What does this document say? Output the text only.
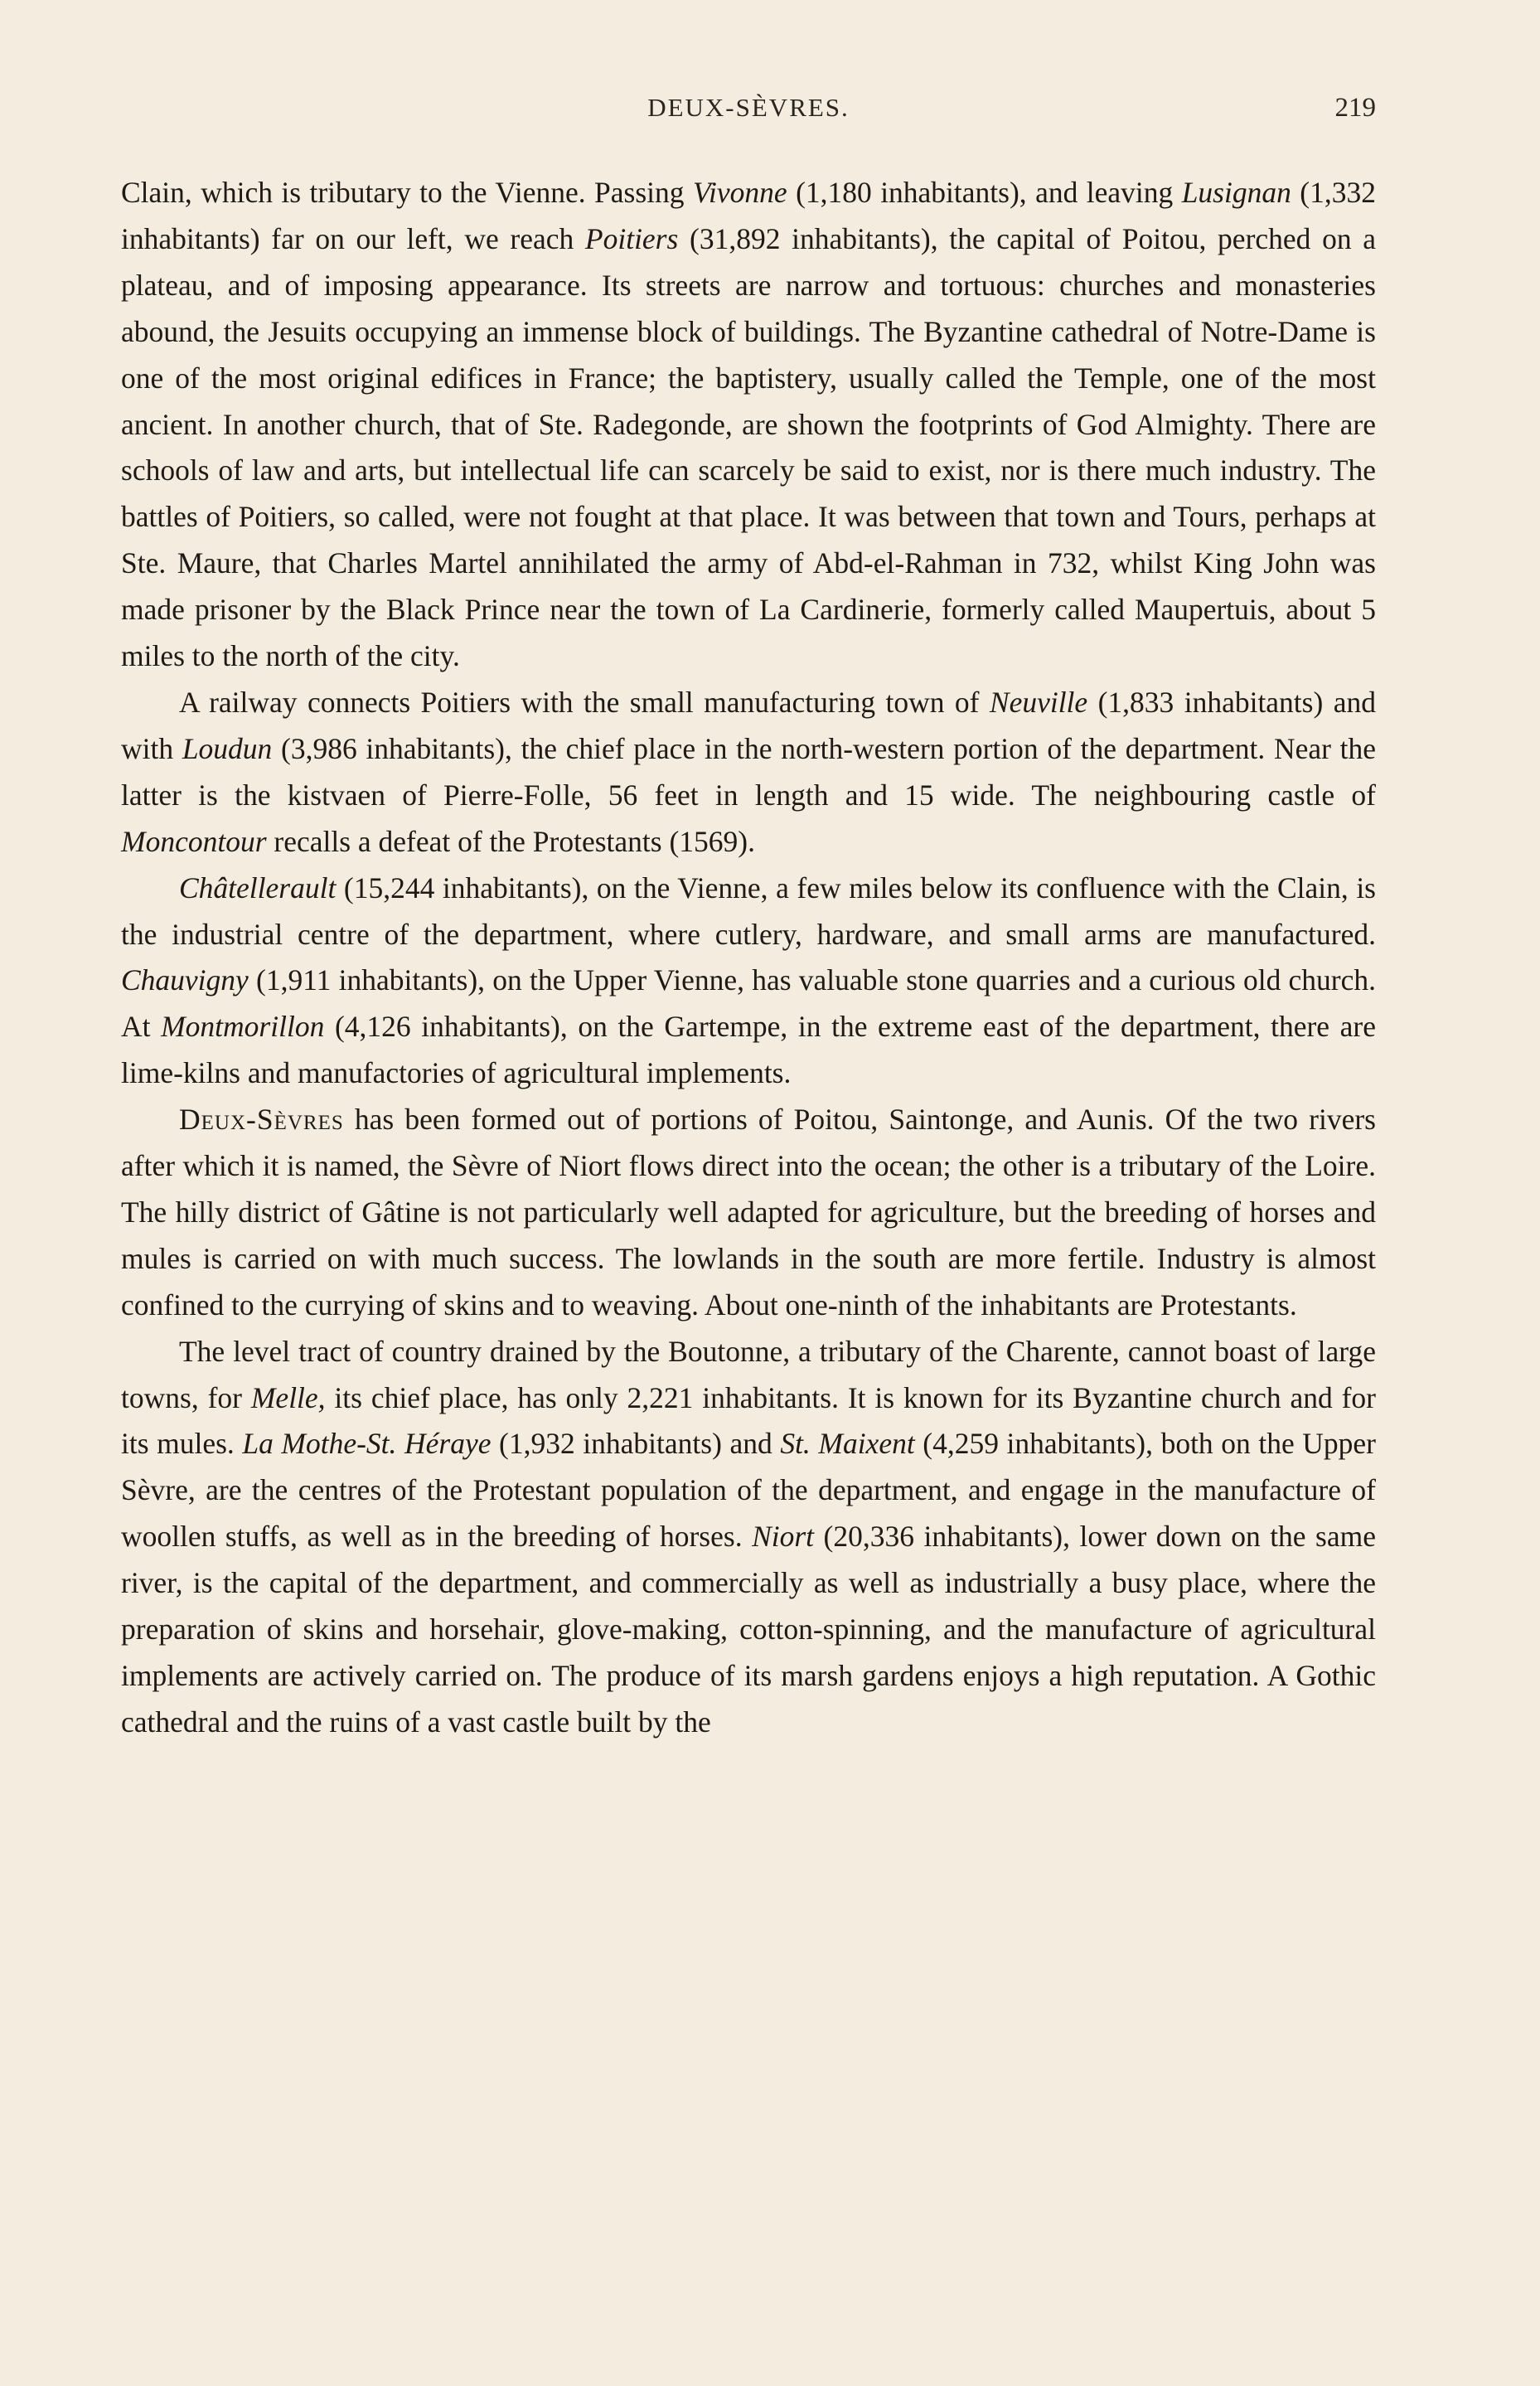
DEUX-SÈVRES.	219

Clain, which is tributary to the Vienne. Passing Vivonne (1,180 inhabitants), and leaving Lusignan (1,332 inhabitants) far on our left, we reach Poitiers (31,892 inhabitants), the capital of Poitou, perched on a plateau, and of imposing appearance. Its streets are narrow and tortuous: churches and monasteries abound, the Jesuits occupying an immense block of buildings. The Byzantine cathedral of Notre-Dame is one of the most original edifices in France; the baptistery, usually called the Temple, one of the most ancient. In another church, that of Ste. Radegonde, are shown the footprints of God Almighty. There are schools of law and arts, but intellectual life can scarcely be said to exist, nor is there much industry. The battles of Poitiers, so called, were not fought at that place. It was between that town and Tours, perhaps at Ste. Maure, that Charles Martel annihilated the army of Abd-el-Rahman in 732, whilst King John was made prisoner by the Black Prince near the town of La Cardinerie, formerly called Maupertuis, about 5 miles to the north of the city.

A railway connects Poitiers with the small manufacturing town of Neuville (1,833 inhabitants) and with Loudun (3,986 inhabitants), the chief place in the north-western portion of the department. Near the latter is the kistvaen of Pierre-Folle, 56 feet in length and 15 wide. The neighbouring castle of Moncontour recalls a defeat of the Protestants (1569).

Châtellerault (15,244 inhabitants), on the Vienne, a few miles below its confluence with the Clain, is the industrial centre of the department, where cutlery, hardware, and small arms are manufactured. Chauvigny (1,911 inhabitants), on the Upper Vienne, has valuable stone quarries and a curious old church. At Montmorillon (4,126 inhabitants), on the Gartempe, in the extreme east of the department, there are lime-kilns and manufactories of agricultural implements.

Deux-Sèvres has been formed out of portions of Poitou, Saintonge, and Aunis. Of the two rivers after which it is named, the Sèvre of Niort flows direct into the ocean; the other is a tributary of the Loire. The hilly district of Gâtine is not particularly well adapted for agriculture, but the breeding of horses and mules is carried on with much success. The lowlands in the south are more fertile. Industry is almost confined to the currying of skins and to weaving. About one-ninth of the inhabitants are Protestants.

The level tract of country drained by the Boutonne, a tributary of the Charente, cannot boast of large towns, for Melle, its chief place, has only 2,221 inhabitants. It is known for its Byzantine church and for its mules. La Mothe-St. Héraye (1,932 inhabitants) and St. Maixent (4,259 inhabitants), both on the Upper Sèvre, are the centres of the Protestant population of the department, and engage in the manufacture of woollen stuffs, as well as in the breeding of horses. Niort (20,336 inhabitants), lower down on the same river, is the capital of the department, and commercially as well as industrially a busy place, where the preparation of skins and horsehair, glove-making, cotton-spinning, and the manufacture of agricultural implements are actively carried on. The produce of its marsh gardens enjoys a high reputation. A Gothic cathedral and the ruins of a vast castle built by the
